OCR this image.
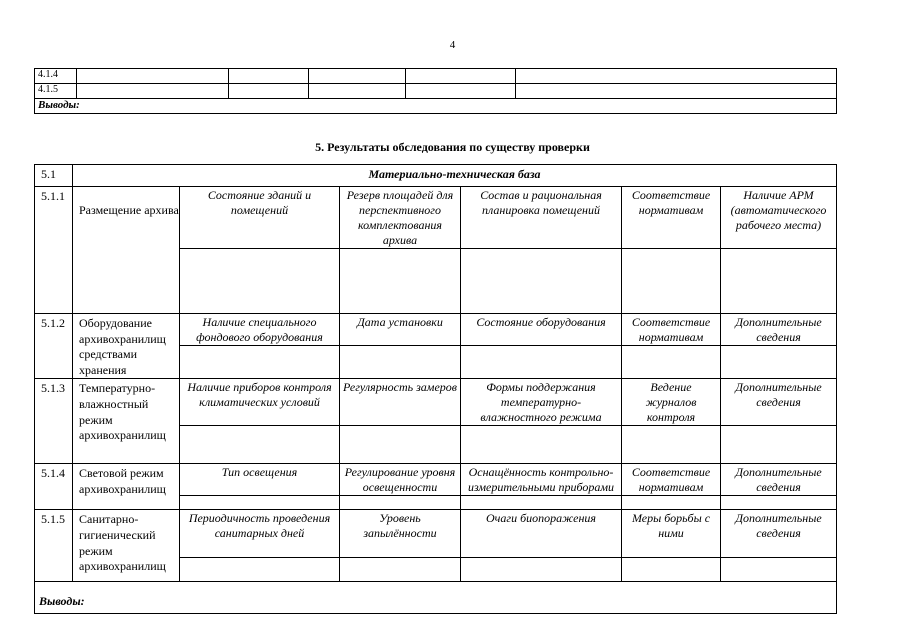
4
4.1.4					
4.1.5					
Выводы:					
5. Результаты обследования по существу проверки
5.1	Материально-техническая база					
5.1.1	Размещение архива	Состояние зданий и помещений	Резерв площадей для перспективного комплектования архива	Состав и рациональная планировка помещений	Соответствие нормативам	Наличие АРМ (автоматического рабочего места)

5.1.2	Оборудование архивохранилищ средствами хранения	Наличие специального фондового оборудования	Дата установки	Состояние оборудования	Соответствие нормативам	Дополнительные сведения

5.1.3	Температурно-влажностный режим архивохранилищ	Наличие приборов контроля климатических условий	Регулярность замеров	Формы поддержания температурно-влажностного режима	Ведение журналов контроля	Дополнительные сведения

5.1.4	Световой режим архивохранилищ	Тип освещения	Регулирование уровня освещенности	Оснащённость контрольно-измерительными приборами	Соответствие нормативам	Дополнительные сведения

5.1.5	Санитарно-гигиенический режим архивохранилищ	Периодичность проведения санитарных дней	Уровень запылённости	Очаги биопоражения	Меры борьбы с ними	Дополнительные сведения

Выводы:						
